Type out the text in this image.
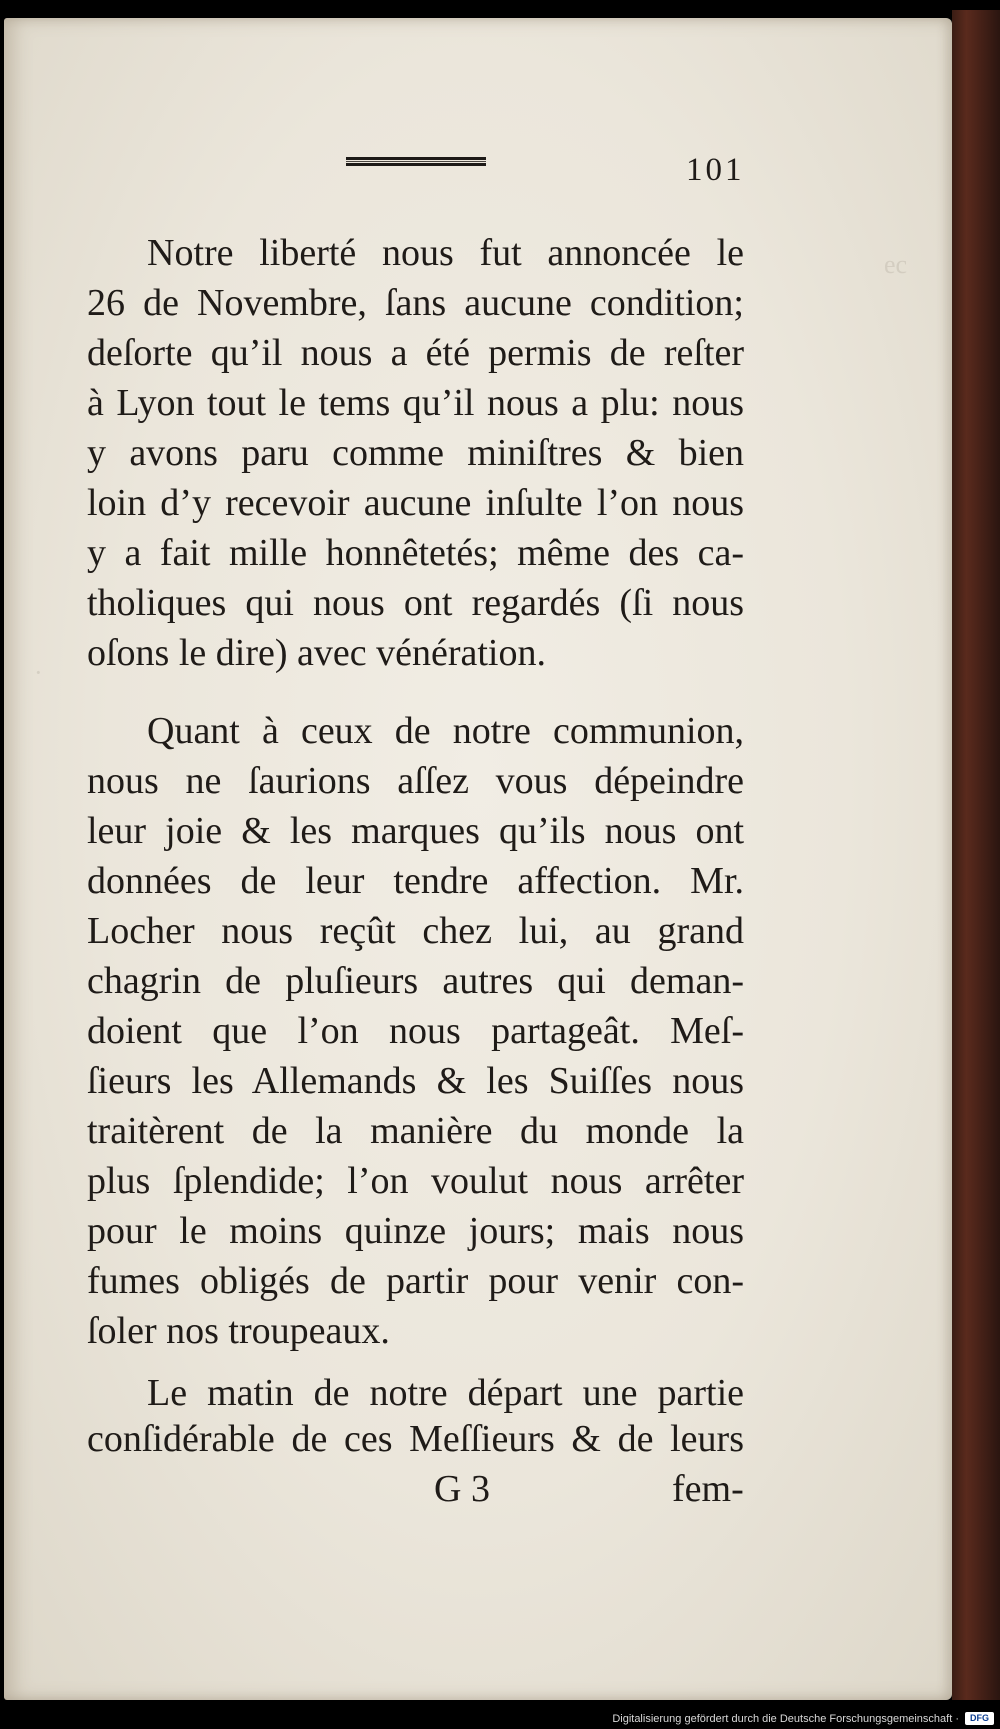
ec
·
101
Notre liberté nous fut annoncée le
26 de Novembre, ſans aucune condition;
deſorte qu’il nous a été permis de reſter
à Lyon tout le tems qu’il nous a plu: nous
y avons paru comme miniſtres & bien
loin d’y recevoir aucune inſulte l’on nous
y a fait mille honnêtetés; même des ca-
tholiques qui nous ont regardés (ſi nous
oſons le dire) avec vénération.
Quant à ceux de notre communion,
nous ne ſaurions aſſez vous dépeindre
leur joie & les marques qu’ils nous ont
données de leur tendre affection. Mr.
Locher nous reçût chez lui, au grand
chagrin de pluſieurs autres qui deman-
doient que l’on nous partageât. Meſ-
ſieurs les Allemands & les Suiſſes nous
traitèrent de la manière du monde la
plus ſplendide; l’on voulut nous arrêter
pour le moins quinze jours; mais nous
fumes obligés de partir pour venir con-
ſoler nos troupeaux.
Le matin de notre départ une partie
conſidérable de ces Meſſieurs & de leurs
G 3	fem-
Digitalisierung gefördert durch die Deutsche Forschungsgemeinschaft ·	DFG
